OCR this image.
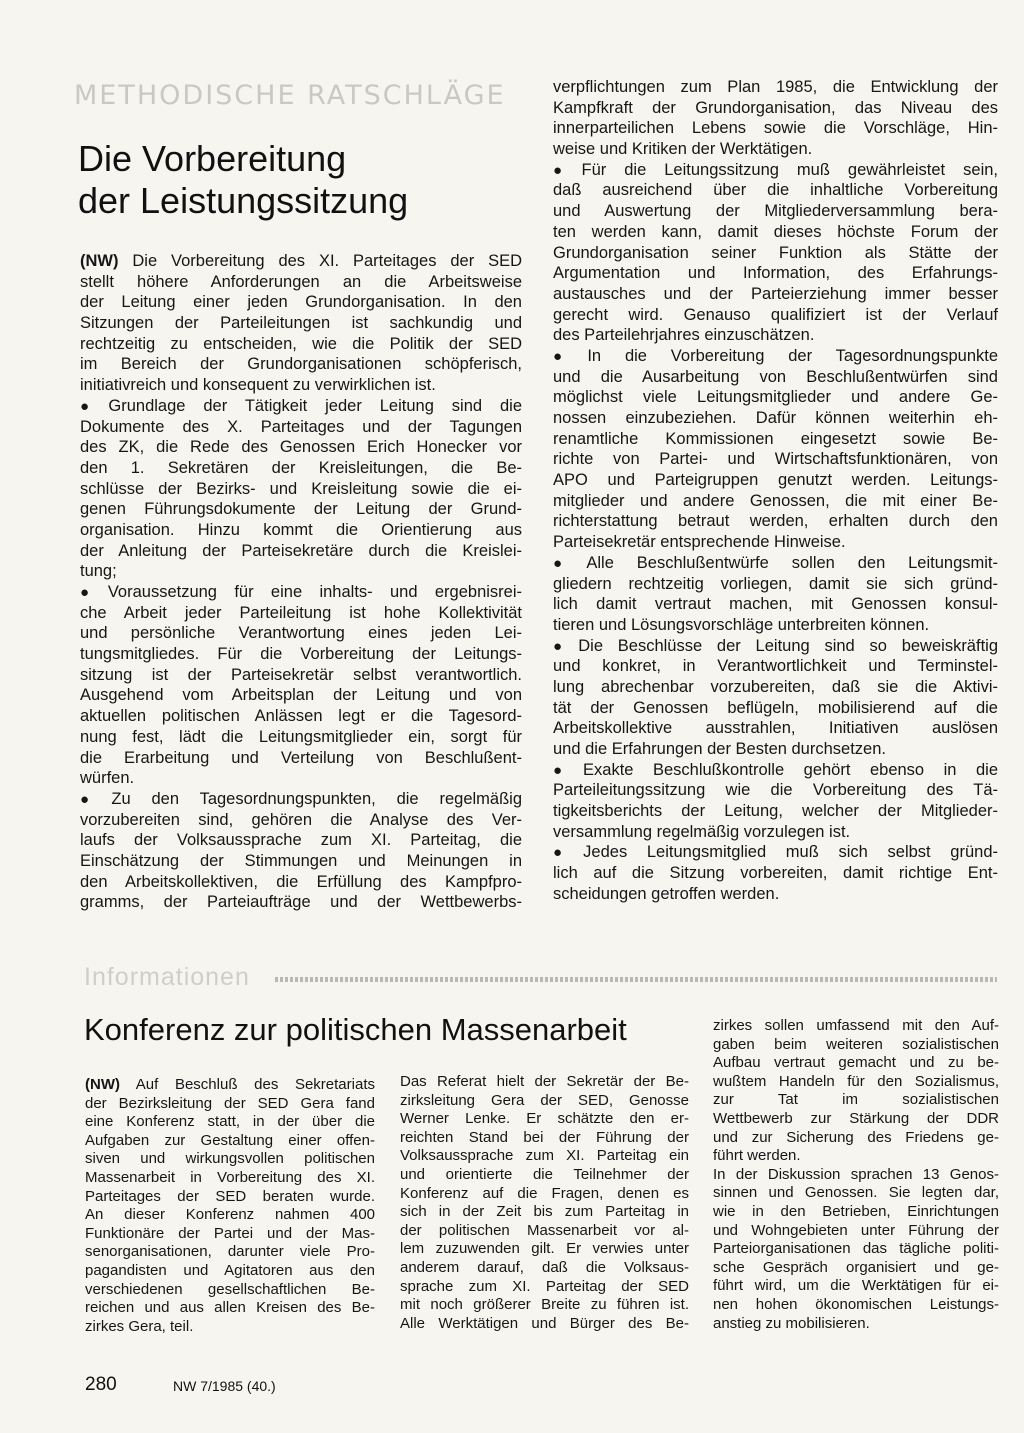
METHODISCHE RATSCHLÄGE
Die Vorbereitung
der Leistungssitzung
(NW) Die Vorbereitung des XI. Parteitages der SED
stellt höhere Anforderungen an die Arbeitsweise
der Leitung einer jeden Grundorganisation. In den
Sitzungen der Parteileitungen ist sachkundig und
rechtzeitig zu entscheiden, wie die Politik der SED
im Bereich der Grundorganisationen schöpferisch,
initiativreich und konsequent zu verwirklichen ist.
● Grundlage der Tätigkeit jeder Leitung sind die
Dokumente des X. Parteitages und der Tagungen
des ZK, die Rede des Genossen Erich Honecker vor
den 1. Sekretären der Kreisleitungen, die Be-
schlüsse der Bezirks- und Kreisleitung sowie die ei-
genen Führungsdokumente der Leitung der Grund-
organisation. Hinzu kommt die Orientierung aus
der Anleitung der Parteisekretäre durch die Kreislei-
tung;
● Voraussetzung für eine inhalts- und ergebnisrei-
che Arbeit jeder Parteileitung ist hohe Kollektivität
und persönliche Verantwortung eines jeden Lei-
tungsmitgliedes. Für die Vorbereitung der Leitungs-
sitzung ist der Parteisekretär selbst verantwortlich.
Ausgehend vom Arbeitsplan der Leitung und von
aktuellen politischen Anlässen legt er die Tagesord-
nung fest, lädt die Leitungsmitglieder ein, sorgt für
die Erarbeitung und Verteilung von Beschlußent-
würfen.
● Zu den Tagesordnungspunkten, die regelmäßig
vorzubereiten sind, gehören die Analyse des Ver-
laufs der Volksaussprache zum XI. Parteitag, die
Einschätzung der Stimmungen und Meinungen in
den Arbeitskollektiven, die Erfüllung des Kampfpro-
gramms, der Parteiaufträge und der Wettbewerbs-
verpflichtungen zum Plan 1985, die Entwicklung der
Kampfkraft der Grundorganisation, das Niveau des
innerparteilichen Lebens sowie die Vorschläge, Hin-
weise und Kritiken der Werktätigen.
● Für die Leitungssitzung muß gewährleistet sein,
daß ausreichend über die inhaltliche Vorbereitung
und Auswertung der Mitgliederversammlung bera-
ten werden kann, damit dieses höchste Forum der
Grundorganisation seiner Funktion als Stätte der
Argumentation und Information, des Erfahrungs-
austausches und der Parteierziehung immer besser
gerecht wird. Genauso qualifiziert ist der Verlauf
des Parteilehrjahres einzuschätzen.
● In die Vorbereitung der Tagesordnungspunkte
und die Ausarbeitung von Beschlußentwürfen sind
möglichst viele Leitungsmitglieder und andere Ge-
nossen einzubeziehen. Dafür können weiterhin eh-
renamtliche Kommissionen eingesetzt sowie Be-
richte von Partei- und Wirtschaftsfunktionären, von
APO und Parteigruppen genutzt werden. Leitungs-
mitglieder und andere Genossen, die mit einer Be-
richterstattung betraut werden, erhalten durch den
Parteisekretär entsprechende Hinweise.
● Alle Beschlußentwürfe sollen den Leitungsmit-
gliedern rechtzeitig vorliegen, damit sie sich gründ-
lich damit vertraut machen, mit Genossen konsul-
tieren und Lösungsvorschläge unterbreiten können.
● Die Beschlüsse der Leitung sind so beweiskräftig
und konkret, in Verantwortlichkeit und Terminstel-
lung abrechenbar vorzubereiten, daß sie die Aktivi-
tät der Genossen beflügeln, mobilisierend auf die
Arbeitskollektive ausstrahlen, Initiativen auslösen
und die Erfahrungen der Besten durchsetzen.
● Exakte Beschlußkontrolle gehört ebenso in die
Parteileitungssitzung wie die Vorbereitung des Tä-
tigkeitsberichts der Leitung, welcher der Mitglieder-
versammlung regelmäßig vorzulegen ist.
● Jedes Leitungsmitglied muß sich selbst gründ-
lich auf die Sitzung vorbereiten, damit richtige Ent-
scheidungen getroffen werden.
Informationen
Konferenz zur politischen Massenarbeit
(NW) Auf Beschluß des Sekretariats
der Bezirksleitung der SED Gera fand
eine Konferenz statt, in der über die
Aufgaben zur Gestaltung einer offen-
siven und wirkungsvollen politischen
Massenarbeit in Vorbereitung des XI.
Parteitages der SED beraten wurde.
An dieser Konferenz nahmen 400
Funktionäre der Partei und der Mas-
senorganisationen, darunter viele Pro-
pagandisten und Agitatoren aus den
verschiedenen gesellschaftlichen Be-
reichen und aus allen Kreisen des Be-
zirkes Gera, teil.
Das Referat hielt der Sekretär der Be-
zirksleitung Gera der SED, Genosse
Werner Lenke. Er schätzte den er-
reichten Stand bei der Führung der
Volksaussprache zum XI. Parteitag ein
und orientierte die Teilnehmer der
Konferenz auf die Fragen, denen es
sich in der Zeit bis zum Parteitag in
der politischen Massenarbeit vor al-
lem zuzuwenden gilt. Er verwies unter
anderem darauf, daß die Volksaus-
sprache zum XI. Parteitag der SED
mit noch größerer Breite zu führen ist.
Alle Werktätigen und Bürger des Be-
zirkes sollen umfassend mit den Auf-
gaben beim weiteren sozialistischen
Aufbau vertraut gemacht und zu be-
wußtem Handeln für den Sozialismus,
zur Tat im sozialistischen
Wettbewerb zur Stärkung der DDR
und zur Sicherung des Friedens ge-
führt werden.
In der Diskussion sprachen 13 Genos-
sinnen und Genossen. Sie legten dar,
wie in den Betrieben, Einrichtungen
und Wohngebieten unter Führung der
Parteiorganisationen das tägliche politi-
sche Gespräch organisiert und ge-
führt wird, um die Werktätigen für ei-
nen hohen ökonomischen Leistungs-
anstieg zu mobilisieren.
280	NW 7/1985 (40.)
